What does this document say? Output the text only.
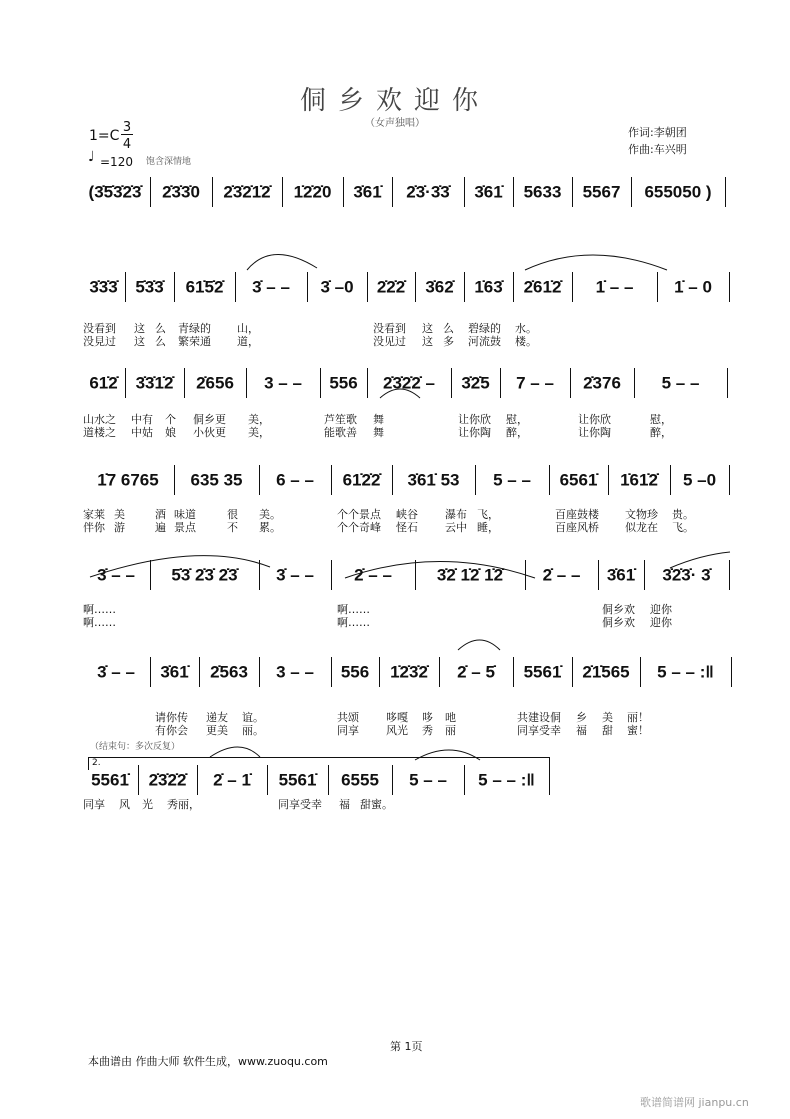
侗乡欢迎你
（女声独唱）
1=C
3
4
♩ =120 饱含深情地
作词:李朝团
作曲:车兴明
(3̇5̇3̇2̇3̇	2̇3̇3̇0	2̇3̇2̇1̇2̇	1̇2̇2̇0	3̇61̇	2̇3̇·3̇3̇	3̇61̇	5633	5567	655050 )
3̇3̇3̇	5̇3̇3̇	61̇5̇2̇	3̇ – –	3̇ –0	2̇2̇2̇	3̇62̇	1̇63̇	2̇61̇2̇	1̇ – –	1̇ – 0
没看到 这 么 青绿的 山，	没看到 这 么 碧绿的 水。
没見过 这 么 繁荣通 道，	没见过 这 多 河流鼓 楼。
61̇2̇	3̇3̇1̇2̇	2̇656	3 – –	556	2̇3̇2̇2̇ –	3̇2̇5	7 – –	2̇376	5 – –
山水之 中有 个 侗乡更 美，	芦笙歌 舞	让你欣 慰，	让你欣	慰，
道楼之 中姑 娘 小伙更 美，	能歌善 舞	让你陶 醉，	让你陶	醉，
1̇7 6765	635 35	6 – –	61̇2̇2̇	3̇61̇ 53	5 – –	6561̇	1̇61̇2̇	5 –0
家莱 美	酒 味道	很 美。	个个景点 峡谷 瀑布 飞，	百座鼓楼 文物珍 贵。
伴你 游	遍 景点	不 累。	个个奇峰 怪石 云中 睡，	百座风桥 似龙在 飞。
3̇ – –	5̇3̇ 2̇3̇ 2̇3̇	3̇ – –	2̇ – –	3̇2̇ 1̇2̇ 1̇2̇	2̇ – –	3̇61̇	3̇2̇3̇· 3̇
啊……	啊……	侗乡欢 迎你
啊……	啊……	侗乡欢 迎你
3̇ – –	3̇61̇	2̇563	3 – –	556	1̇2̇3̇2̇	2̇ – 5̇	5561̇	2̇1̇565	5 – – :‖
请你传 递友 谊。	共颂 哆嘎 哆 吔	共建设侗 乡 美 丽！
有你会 更美 丽。	同享 风光 秀 丽	同享受幸 福 甜 蜜！
5561̇	2̇3̇2̇2̇	2̇ – 1̇	5561̇	6555	5 – –	5 – – :‖
同享 风 光 秀丽，	同享受幸 福 甜蜜。
（结束句：多次反复）
2.
第 1页
本曲谱由 作曲大师 软件生成，www.zuoqu.com
歌谱简谱网 jianpu.cn
